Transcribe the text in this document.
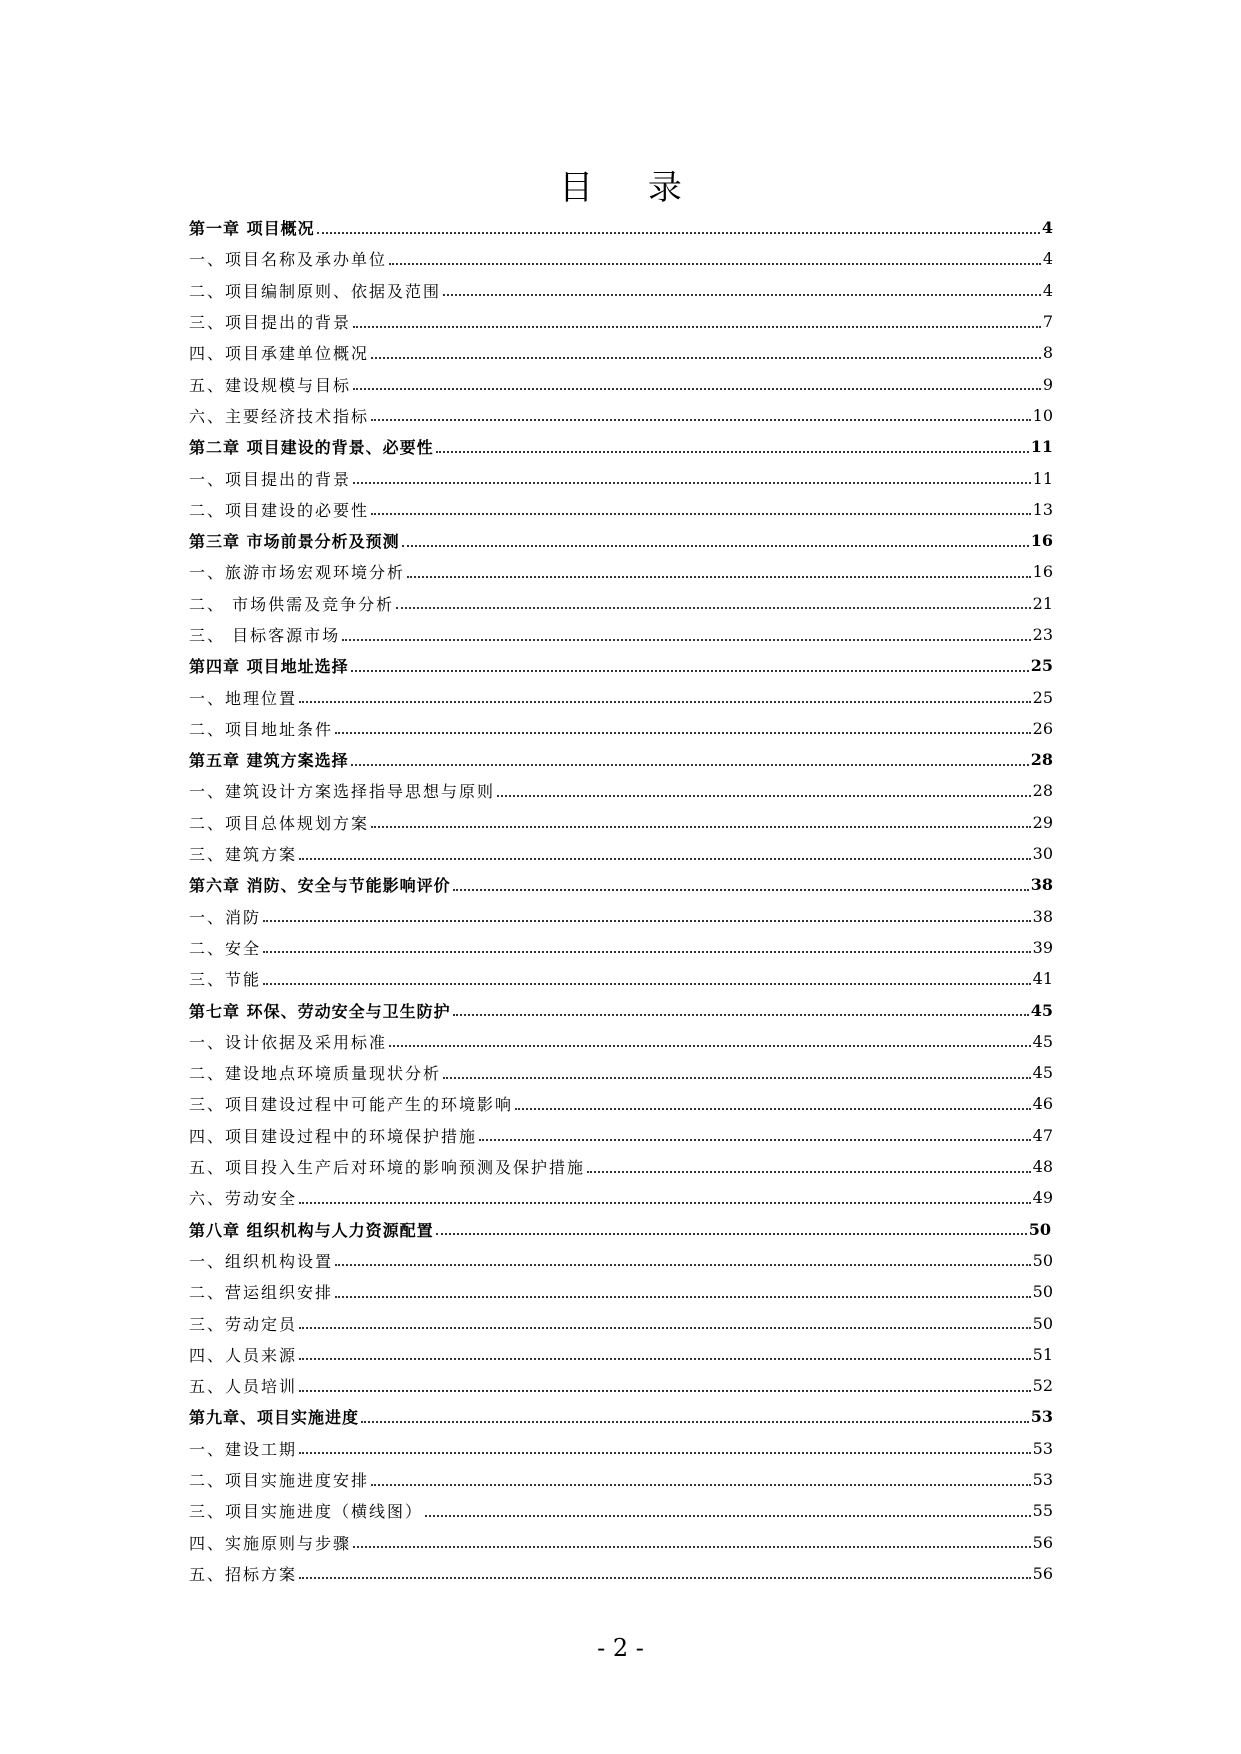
目 录
第一章 项目概况	4
一、项目名称及承办单位	4
二、项目编制原则、依据及范围	4
三、项目提出的背景	7
四、项目承建单位概况	8
五、建设规模与目标	9
六、主要经济技术指标	10
第二章 项目建设的背景、必要性	11
一、项目提出的背景	11
二、项目建设的必要性	13
第三章 市场前景分析及预测	16
一、旅游市场宏观环境分析	16
二、 市场供需及竞争分析	21
三、 目标客源市场	23
第四章 项目地址选择	25
一、地理位置	25
二、项目地址条件	26
第五章 建筑方案选择	28
一、建筑设计方案选择指导思想与原则	28
二、项目总体规划方案	29
三、建筑方案	30
第六章 消防、安全与节能影响评价	38
一、消防	38
二、安全	39
三、节能	41
第七章 环保、劳动安全与卫生防护	45
一、设计依据及采用标准	45
二、建设地点环境质量现状分析	45
三、项目建设过程中可能产生的环境影响	46
四、项目建设过程中的环境保护措施	47
五、项目投入生产后对环境的影响预测及保护措施	48
六、劳动安全	49
第八章 组织机构与人力资源配置	50
一、组织机构设置	50
二、营运组织安排	50
三、劳动定员	50
四、人员来源	51
五、人员培训	52
第九章、项目实施进度	53
一、建设工期	53
二、项目实施进度安排	53
三、项目实施进度（横线图）	55
四、实施原则与步骤	56
五、招标方案	56
- 2 -
